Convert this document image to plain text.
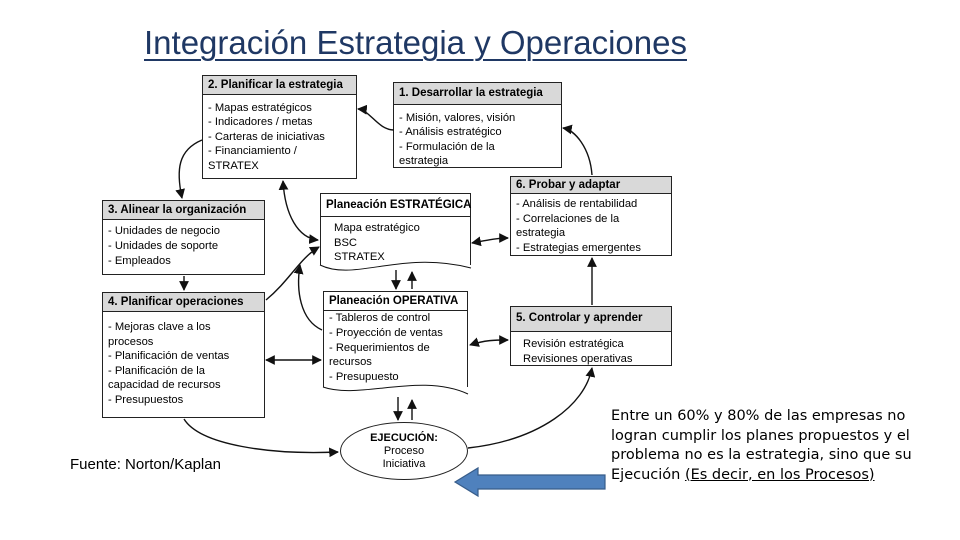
Integración Estrategia y Operaciones
2. Planificar la estrategia
- Mapas estratégicos
- Indicadores / metas
- Carteras de iniciativas
- Financiamiento /
STRATEX
1. Desarrollar la estrategia
- Misión, valores, visión
- Análisis estratégico
- Formulación de la
estrategia
6. Probar y adaptar
- Análisis de rentabilidad
- Correlaciones de la
estrategia
- Estrategias emergentes
Planeación ESTRATÉGICA
Mapa estratégico
BSC
STRATEX
3. Alinear la organización
- Unidades de negocio
- Unidades de soporte
- Empleados
4. Planificar operaciones
- Mejoras clave a los
procesos
- Planificación de ventas
- Planificación de la
capacidad de recursos
- Presupuestos
Planeación OPERATIVA
- Tableros de control
- Proyección de ventas
- Requerimientos de
recursos
- Presupuesto
5. Controlar y aprender
Revisión estratégica
Revisiones operativas
EJECUCIÓN:
Proceso
Iniciativa
Fuente: Norton/Kaplan
Entre un 60% y 80% de las empresas no logran cumplir los planes propuestos y el problema no es la estrategia, sino que su Ejecución (Es decir, en los Procesos)
